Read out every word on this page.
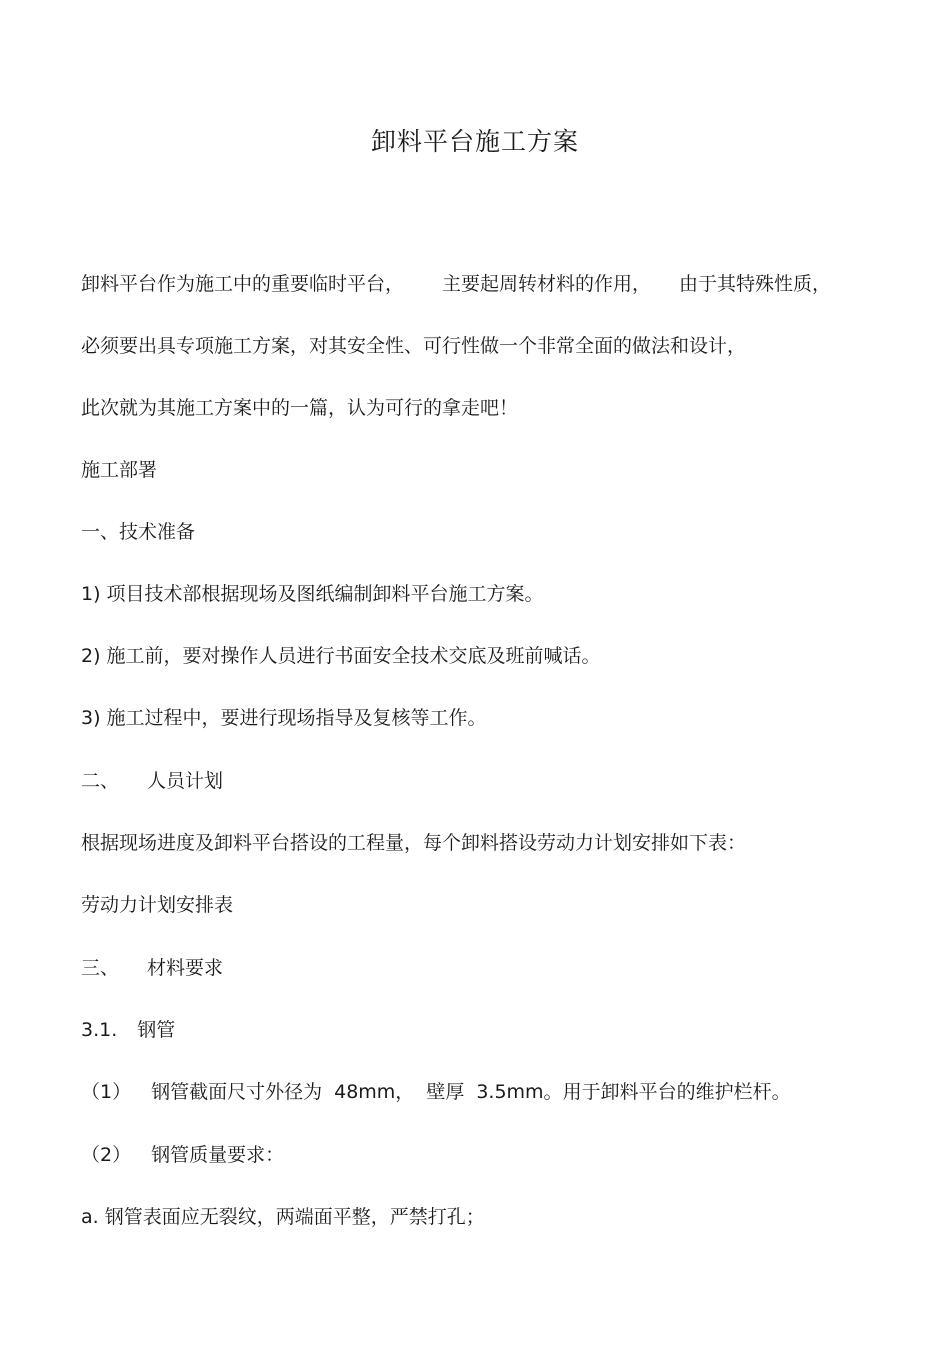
卸料平台施工方案
卸料平台作为施工中的重要临时平台， 主要起周转材料的作用， 由于其特殊性质，
必须要出具专项施工方案，对其安全性、可行性做一个非常全面的做法和设计，
此次就为其施工方案中的一篇，认为可行的拿走吧！
施工部署
一、技术准备
1) 项目技术部根据现场及图纸编制卸料平台施工方案。
2) 施工前，要对操作人员进行书面安全技术交底及班前喊话。
3) 施工过程中，要进行现场指导及复核等工作。
二、 人员计划
根据现场进度及卸料平台搭设的工程量，每个卸料搭设劳动力计划安排如下表：
劳动力计划安排表
三、 材料要求
3.1. 钢管
（1） 钢管截面尺寸外径为 48mm， 壁厚 3.5mm。用于卸料平台的维护栏杆。
（2） 钢管质量要求：
a. 钢管表面应无裂纹，两端面平整，严禁打孔；
